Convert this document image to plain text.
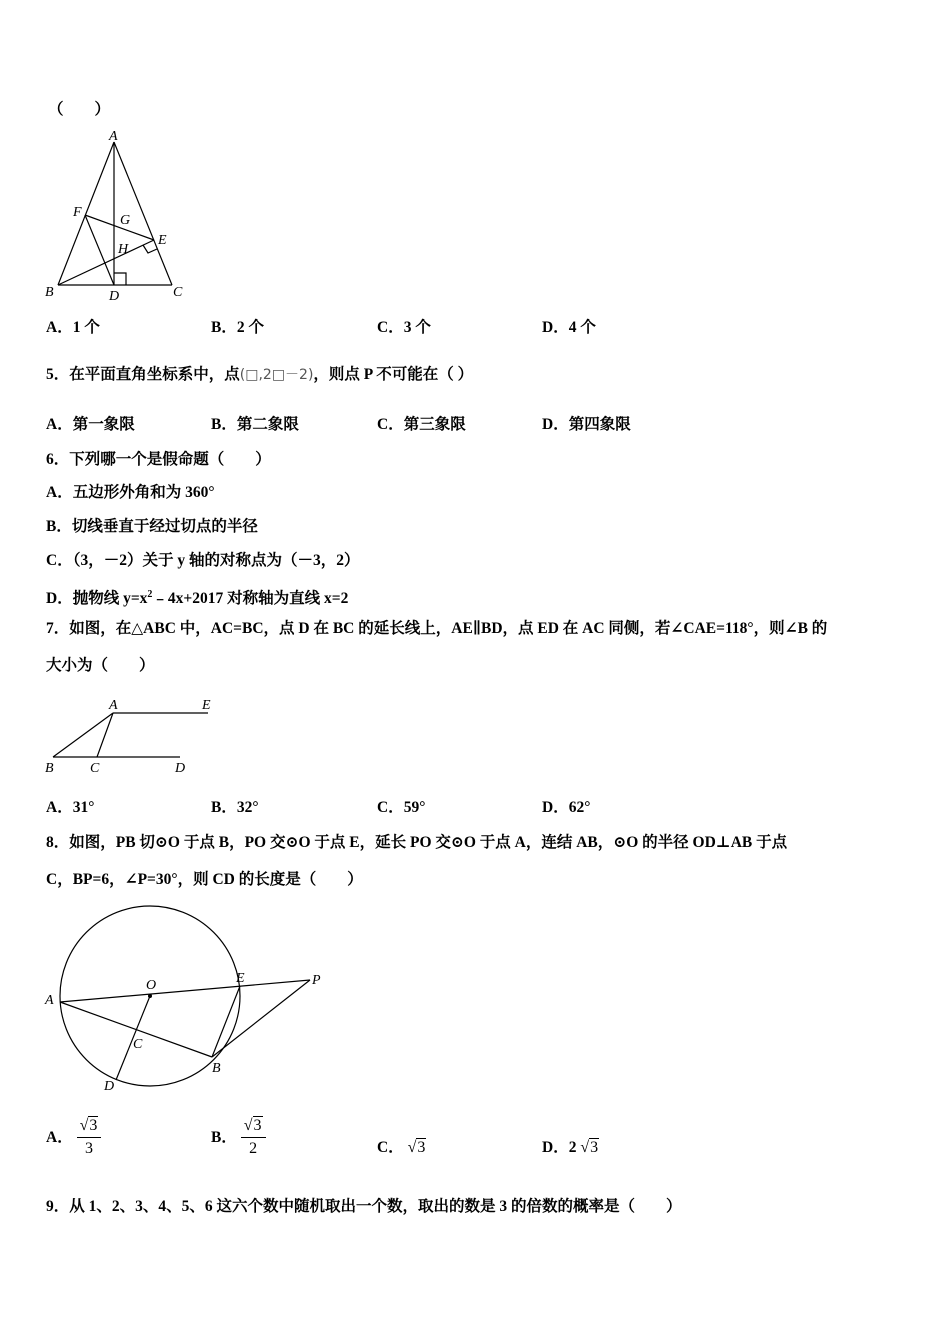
（　　）
A
F
G
E
H
B	D	C
A．1 个	B．2 个	C．3 个	D．4 个
5．在平面直角坐标系中，点(□,2□－2)，则点 P 不可能在（ ）
A．第一象限	B．第二象限	C．第三象限	D．第四象限
6．下列哪一个是假命题（　　）
A．五边形外角和为 360°
B．切线垂直于经过切点的半径
C．（3，－2）关于 y 轴的对称点为（－3，2）
D．抛物线 $y=x^2﹣4x+2017$ 对称轴为直线 x=2
7．如图，在△ABC 中，AC=BC，点 D 在 BC 的延长线上，AE∥BD，点 ED 在 AC 同侧，若∠CAE=118°，则∠B 的
大小为（　　）
A	E
B	C	D
A．31°	B．32°	C．59°	D．62°
8．如图，PB 切⊙O 于点 B，PO 交⊙O 于点 E，延长 PO 交⊙O 于点 A，连结 AB，⊙O 的半径 OD⊥AB 于点
C，BP=6，∠P=30°，则 CD 的长度是（　　）
O	E	P
A
C
B
D
A． $\frac{√3}{3}$	B． $\frac{√3}{2}$	C． √3	D．2 √3
9．从 1、2、3、4、5、6 这六个数中随机取出一个数，取出的数是 3 的倍数的概率是（　　）
